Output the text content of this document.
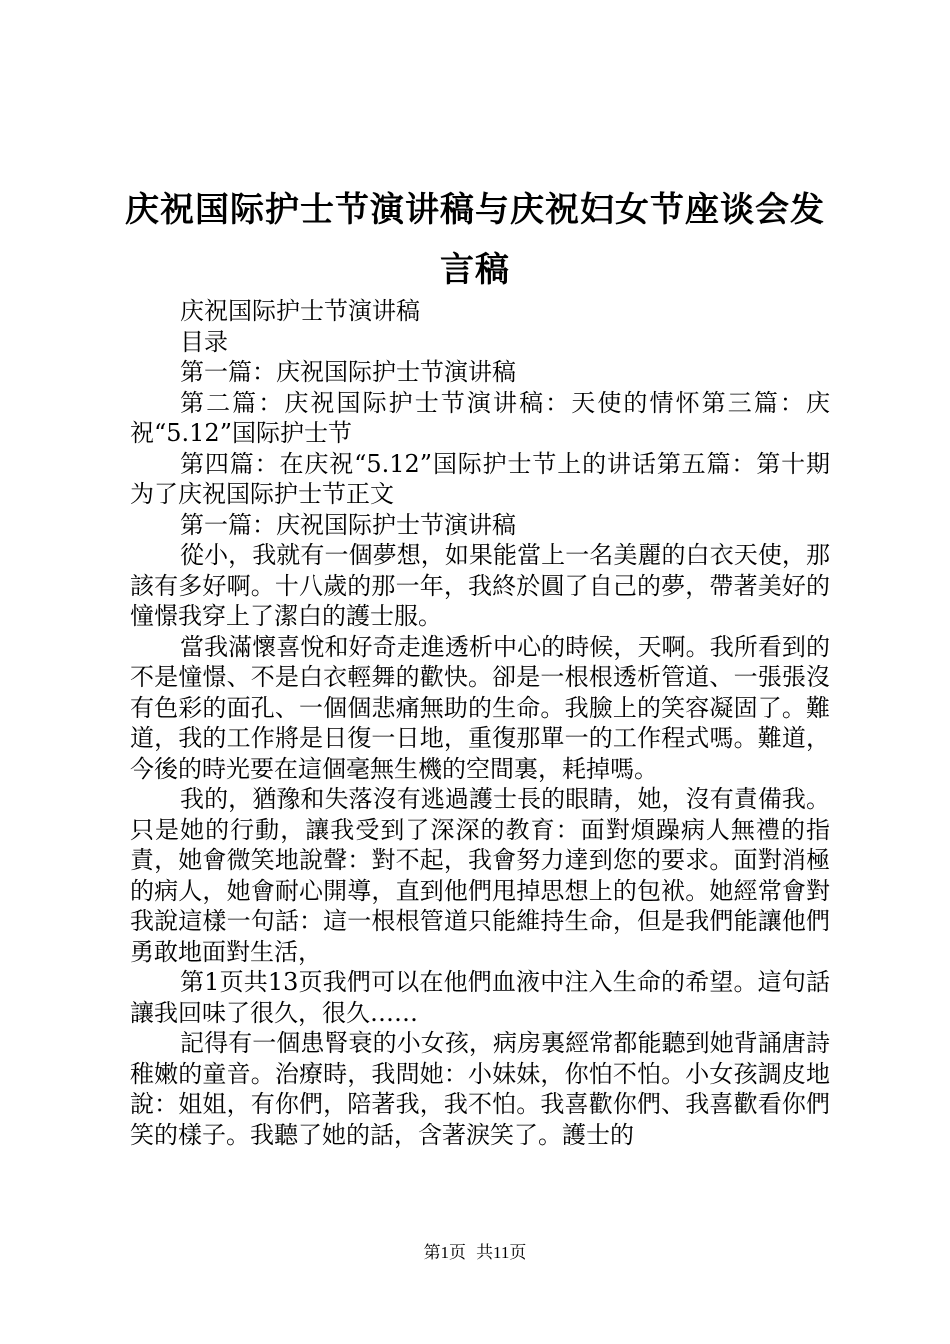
庆祝国际护士节演讲稿与庆祝妇女节座谈会发言稿

庆祝国际护士节演讲稿

目录

第一篇：庆祝国际护士节演讲稿

第二篇：庆祝国际护士节演讲稿：天使的情怀第三篇：庆祝“5.12”国际护士节

第四篇：在庆祝“5.12”国际护士节上的讲话第五篇：第十期为了庆祝国际护士节正文

第一篇：庆祝国际护士节演讲稿

從小，我就有一個夢想，如果能當上一名美麗的白衣天使，那該有多好啊。十八歲的那一年，我終於圓了自己的夢，帶著美好的憧憬我穿上了潔白的護士服。

當我滿懷喜悅和好奇走進透析中心的時候，天啊。我所看到的不是憧憬、不是白衣輕舞的歡快。卻是一根根透析管道、一張張沒有色彩的面孔、一個個悲痛無助的生命。我臉上的笑容凝固了。難道，我的工作將是日復一日地，重復那單一的工作程式嗎。難道，今後的時光要在這個毫無生機的空間裏，耗掉嗎。

我的，猶豫和失落沒有逃過護士長的眼睛，她，沒有責備我。只是她的行動，讓我受到了深深的教育：面對煩躁病人無禮的指責，她會微笑地說聲：對不起，我會努力達到您的要求。面對消極的病人，她會耐心開導，直到他們甩掉思想上的包袱。她經常會對我說這樣一句話：這一根根管道只能維持生命，但是我們能讓他們勇敢地面對生活，

第1页共13页我們可以在他們血液中注入生命的希望。這句話讓我回味了很久，很久……

記得有一個患腎衰的小女孩，病房裏經常都能聽到她背誦唐詩稚嫩的童音。治療時，我問她：小妹妹，你怕不怕。小女孩調皮地說：姐姐，有你們，陪著我，我不怕。我喜歡你們、我喜歡看你們笑的樣子。我聽了她的話，含著淚笑了。護士的

第1页 共11页
